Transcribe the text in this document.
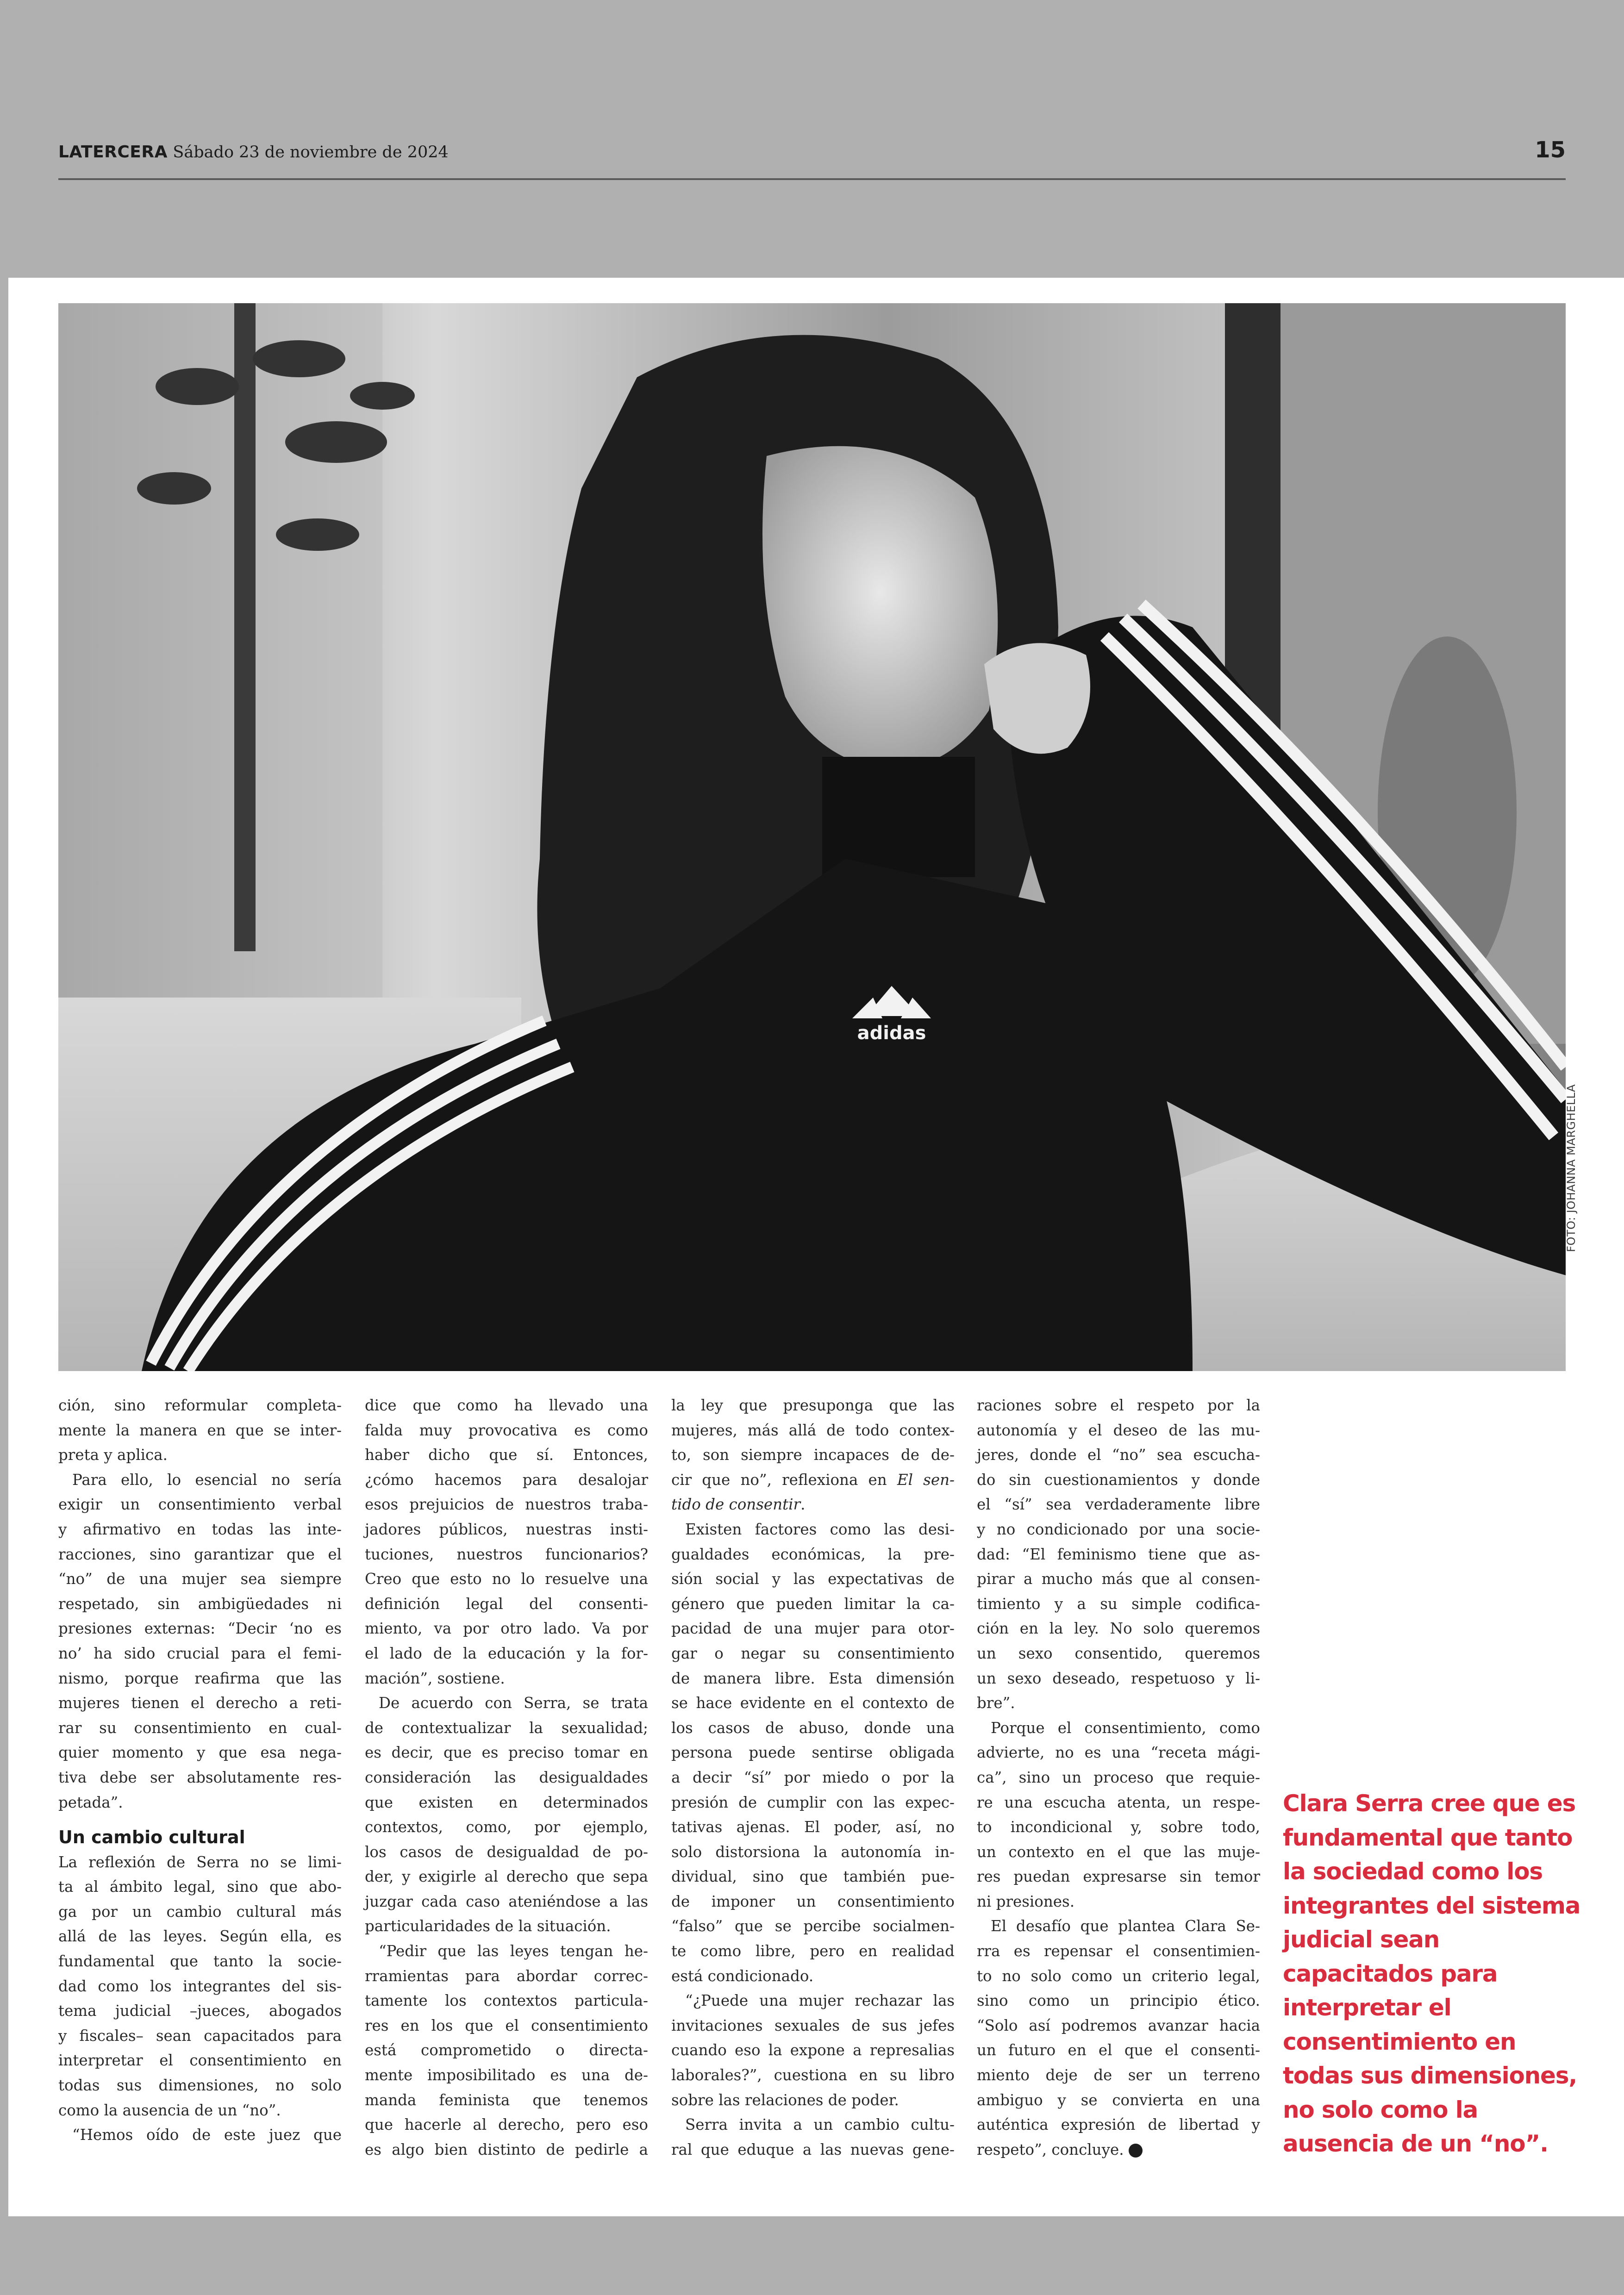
LATERCERA Sábado 23 de noviembre de 2024	15
adidas
FOTO: JOHANNA MARGHELLA
ción, sino reformular completa-
mente la manera en que se inter-
preta y aplica.
Para ello, lo esencial no sería
exigir un consentimiento verbal
y afirmativo en todas las inte-
racciones, sino garantizar que el
“no” de una mujer sea siempre
respetado, sin ambigüedades ni
presiones externas: “Decir ‘no es
no’ ha sido crucial para el femi-
nismo, porque reafirma que las
mujeres tienen el derecho a reti-
rar su consentimiento en cual-
quier momento y que esa nega-
tiva debe ser absolutamente res-
petada”.
Un cambio cultural
La reflexión de Serra no se limi-
ta al ámbito legal, sino que abo-
ga por un cambio cultural más
allá de las leyes. Según ella, es
fundamental que tanto la socie-
dad como los integrantes del sis-
tema judicial –jueces, abogados
y fiscales– sean capacitados para
interpretar el consentimiento en
todas sus dimensiones, no solo
como la ausencia de un “no”.
“Hemos oído de este juez que
dice que como ha llevado una
falda muy provocativa es como
haber dicho que sí. Entonces,
¿cómo hacemos para desalojar
esos prejuicios de nuestros traba-
jadores públicos, nuestras insti-
tuciones, nuestros funcionarios?
Creo que esto no lo resuelve una
definición legal del consenti-
miento, va por otro lado. Va por
el lado de la educación y la for-
mación”, sostiene.
De acuerdo con Serra, se trata
de contextualizar la sexualidad;
es decir, que es preciso tomar en
consideración las desigualdades
que existen en determinados
contextos, como, por ejemplo,
los casos de desigualdad de po-
der, y exigirle al derecho que sepa
juzgar cada caso ateniéndose a las
particularidades de la situación.
“Pedir que las leyes tengan he-
rramientas para abordar correc-
tamente los contextos particula-
res en los que el consentimiento
está comprometido o directa-
mente imposibilitado es una de-
manda feminista que tenemos
que hacerle al derecho, pero eso
es algo bien distinto de pedirle a
la ley que presuponga que las
mujeres, más allá de todo contex-
to, son siempre incapaces de de-
cir que no”, reflexiona en El sen-
tido de consentir.
Existen factores como las desi-
gualdades económicas, la pre-
sión social y las expectativas de
género que pueden limitar la ca-
pacidad de una mujer para otor-
gar o negar su consentimiento
de manera libre. Esta dimensión
se hace evidente en el contexto de
los casos de abuso, donde una
persona puede sentirse obligada
a decir “sí” por miedo o por la
presión de cumplir con las expec-
tativas ajenas. El poder, así, no
solo distorsiona la autonomía in-
dividual, sino que también pue-
de imponer un consentimiento
“falso” que se percibe socialmen-
te como libre, pero en realidad
está condicionado.
“¿Puede una mujer rechazar las
invitaciones sexuales de sus jefes
cuando eso la expone a represalias
laborales?”, cuestiona en su libro
sobre las relaciones de poder.
Serra invita a un cambio cultu-
ral que eduque a las nuevas gene-
raciones sobre el respeto por la
autonomía y el deseo de las mu-
jeres, donde el “no” sea escucha-
do sin cuestionamientos y donde
el “sí” sea verdaderamente libre
y no condicionado por una socie-
dad: “El feminismo tiene que as-
pirar a mucho más que al consen-
timiento y a su simple codifica-
ción en la ley. No solo queremos
un sexo consentido, queremos
un sexo deseado, respetuoso y li-
bre”.
Porque el consentimiento, como
advierte, no es una “receta mági-
ca”, sino un proceso que requie-
re una escucha atenta, un respe-
to incondicional y, sobre todo,
un contexto en el que las muje-
res puedan expresarse sin temor
ni presiones.
El desafío que plantea Clara Se-
rra es repensar el consentimien-
to no solo como un criterio legal,
sino como un principio ético.
“Solo así podremos avanzar hacia
un futuro en el que el consenti-
miento deje de ser un terreno
ambiguo y se convierta en una
auténtica expresión de libertad y
respeto”, concluye.
Clara Serra cree que es
fundamental que tanto
la sociedad como los
integrantes del sistema
judicial sean
capacitados para
interpretar el
consentimiento en
todas sus dimensiones,
no solo como la
ausencia de un “no”.
